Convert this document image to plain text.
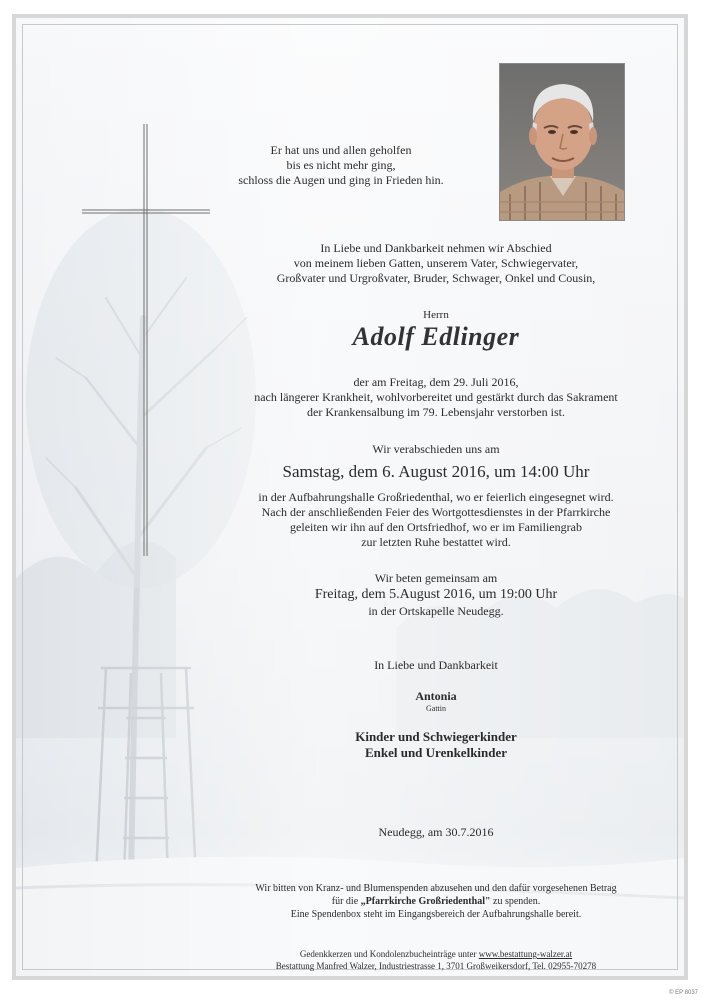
Er hat uns und allen geholfen
bis es nicht mehr ging,
schloss die Augen und ging in Frieden hin.
In Liebe und Dankbarkeit nehmen wir Abschied
von meinem lieben Gatten, unserem Vater, Schwiegervater,
Großvater und Urgroßvater, Bruder, Schwager, Onkel und Cousin,
Herrn
Adolf Edlinger
der am Freitag, dem 29. Juli 2016,
nach längerer Krankheit, wohlvorbereitet und gestärkt durch das Sakrament
der Krankensalbung im 79. Lebensjahr verstorben ist.
Wir verabschieden uns am
Samstag, dem 6. August 2016, um 14:00 Uhr
in der Aufbahrungshalle Großriedenthal, wo er feierlich eingesegnet wird.
Nach der anschließenden Feier des Wortgottesdienstes in der Pfarrkirche
geleiten wir ihn auf den Ortsfriedhof, wo er im Familiengrab
zur letzten Ruhe bestattet wird.
Wir beten gemeinsam am
Freitag, dem 5.August 2016, um 19:00 Uhr
in der Ortskapelle Neudegg.
In Liebe und Dankbarkeit
Antonia
Gattin
Kinder und Schwiegerkinder
Enkel und Urenkelkinder
Neudegg, am 30.7.2016
Wir bitten von Kranz- und Blumenspenden abzusehen und den dafür vorgesehenen Betrag
für die „Pfarrkirche Großriedenthal" zu spenden.
Eine Spendenbox steht im Eingangsbereich der Aufbahrungshalle bereit.
Gedenkkerzen und Kondolenzbucheinträge unter www.bestattung-walzer.at
Bestattung Manfred Walzer, Industriestrasse 1, 3701 Großweikersdorf, Tel. 02955-70278
© EP 8037
